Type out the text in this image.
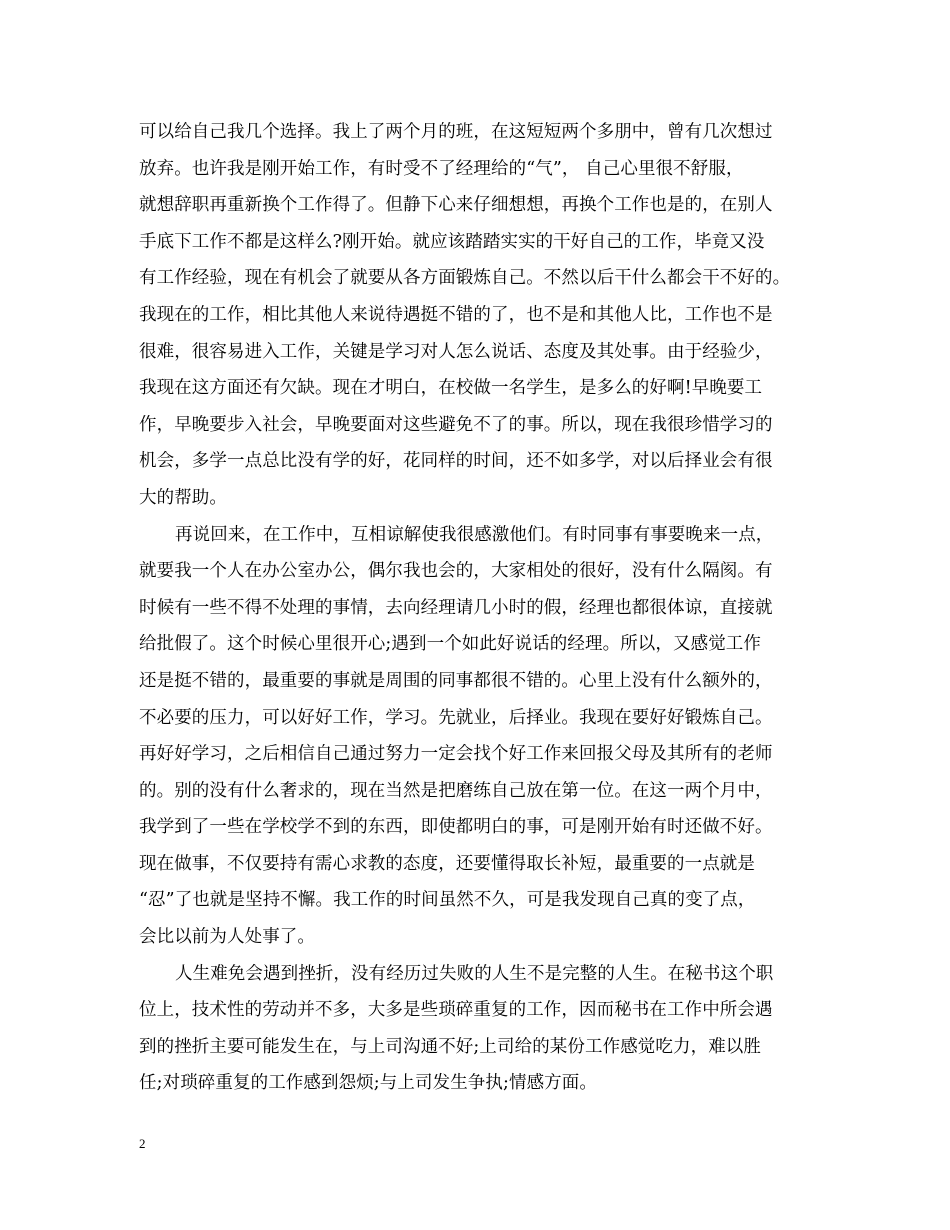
可以给自己我几个选择。我上了两个月的班，在这短短两个多朋中，曾有几次想过
放弃。也许我是刚开始工作，有时受不了经理给的“气”， 自己心里很不舒服，
就想辞职再重新换个工作得了。但静下心来仔细想想，再换个工作也是的，在别人
手底下工作不都是这样么?刚开始。就应该踏踏实实的干好自己的工作，毕竟又没
有工作经验，现在有机会了就要从各方面锻炼自己。不然以后干什么都会干不好的。
我现在的工作，相比其他人来说待遇挺不错的了，也不是和其他人比，工作也不是
很难，很容易进入工作，关键是学习对人怎么说话、态度及其处事。由于经验少，
我现在这方面还有欠缺。现在才明白，在校做一名学生，是多么的好啊!早晚要工
作，早晚要步入社会，早晚要面对这些避免不了的事。所以，现在我很珍惜学习的
机会，多学一点总比没有学的好，花同样的时间，还不如多学，对以后择业会有很
大的帮助。
再说回来，在工作中，互相谅解使我很感激他们。有时同事有事要晚来一点，
就要我一个人在办公室办公，偶尔我也会的，大家相处的很好，没有什么隔阂。有
时候有一些不得不处理的事情，去向经理请几小时的假，经理也都很体谅，直接就
给批假了。这个时候心里很开心;遇到一个如此好说话的经理。所以，又感觉工作
还是挺不错的，最重要的事就是周围的同事都很不错的。心里上没有什么额外的，
不必要的压力，可以好好工作，学习。先就业，后择业。我现在要好好锻炼自己。
再好好学习，之后相信自己通过努力一定会找个好工作来回报父母及其所有的老师
的。别的没有什么奢求的，现在当然是把磨练自己放在第一位。在这一两个月中，
我学到了一些在学校学不到的东西，即使都明白的事，可是刚开始有时还做不好。
现在做事，不仅要持有需心求教的态度，还要懂得取长补短，最重要的一点就是
“忍”了也就是坚持不懈。我工作的时间虽然不久，可是我发现自己真的变了点，
会比以前为人处事了。
人生难免会遇到挫折，没有经历过失败的人生不是完整的人生。在秘书这个职
位上，技术性的劳动并不多，大多是些琐碎重复的工作，因而秘书在工作中所会遇
到的挫折主要可能发生在，与上司沟通不好;上司给的某份工作感觉吃力，难以胜
任;对琐碎重复的工作感到怨烦;与上司发生争执;情感方面。
2
